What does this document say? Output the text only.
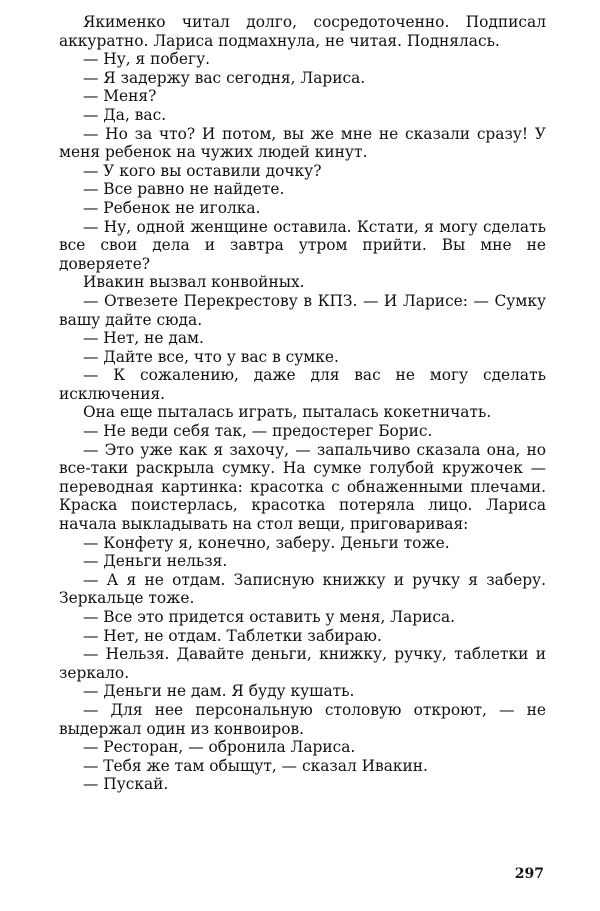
Якименко читал долго, сосредоточенно. Подписал аккуратно. Лариса подмахнула, не читая. Поднялась.

— Ну, я побегу.

— Я задержу вас сегодня, Лариса.

— Меня?

— Да, вас.

— Но за что? И потом, вы же мне не сказали сразу! У меня ребенок на чужих людей кинут.

— У кого вы оставили дочку?

— Все равно не найдете.

— Ребенок не иголка.

— Ну, одной женщине оставила. Кстати, я могу сделать все свои дела и завтра утром прийти. Вы мне не доверяете?

Ивакин вызвал конвойных.

— Отвезете Перекрестову в КПЗ. — И Ларисе: — Сумку вашу дайте сюда.

— Нет, не дам.

— Дайте все, что у вас в сумке.

— К сожалению, даже для вас не могу сделать исключения.

Она еще пыталась играть, пыталась кокетничать.

— Не веди себя так, — предостерег Борис.

— Это уже как я захочу, — запальчиво сказала она, но все-таки раскрыла сумку. На сумке голубой кружочек — переводная картинка: красотка с обнаженными плечами. Краска поистерлась, красотка потеряла лицо. Лариса начала выкладывать на стол вещи, приговаривая:

— Конфету я, конечно, заберу. Деньги тоже.

— Деньги нельзя.

— А я не отдам. Записную книжку и ручку я заберу. Зеркальце тоже.

— Все это придется оставить у меня, Лариса.

— Нет, не отдам. Таблетки забираю.

— Нельзя. Давайте деньги, книжку, ручку, таблетки и зеркало.

— Деньги не дам. Я буду кушать.

— Для нее персональную столовую откроют, — не выдержал один из конвоиров.

— Ресторан, — обронила Лариса.

— Тебя же там обыщут, — сказал Ивакин.

— Пускай.

297
